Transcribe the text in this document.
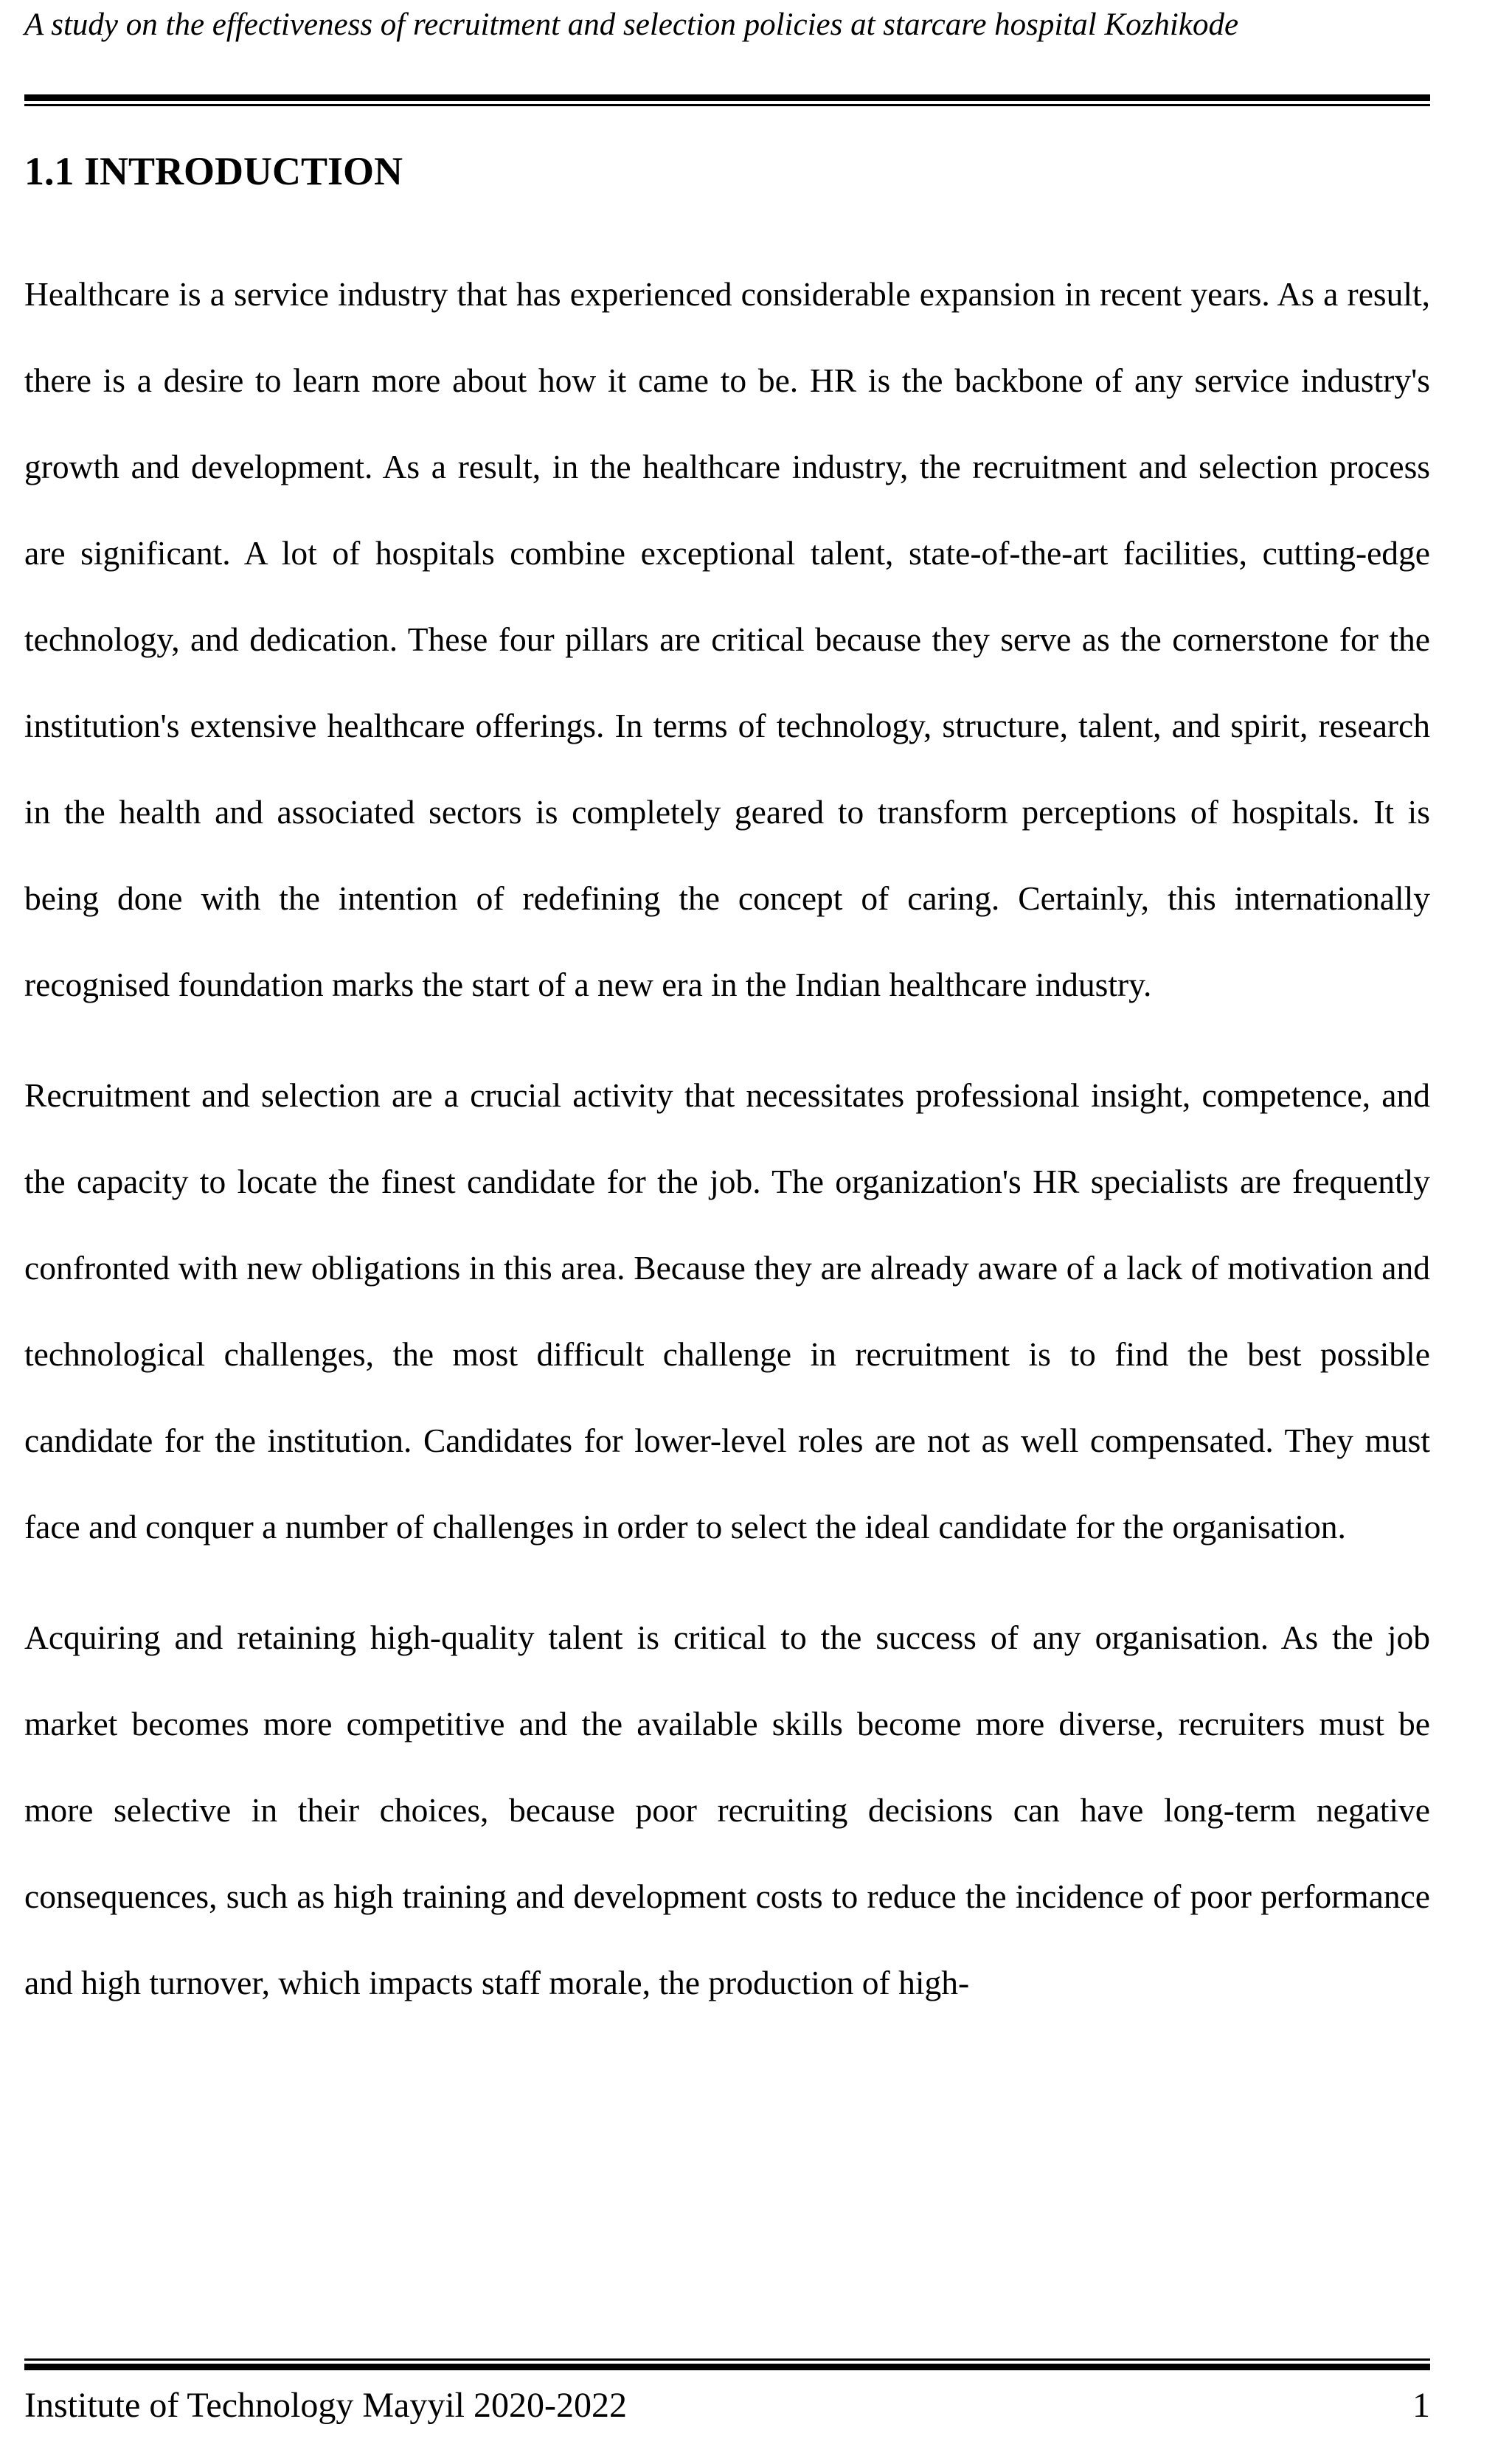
A study on the effectiveness of recruitment and selection policies at starcare hospital Kozhikode
1.1 INTRODUCTION

Healthcare is a service industry that has experienced considerable expansion in recent years. As a result, there is a desire to learn more about how it came to be. HR is the backbone of any service industry's growth and development. As a result, in the healthcare industry, the recruitment and selection process are significant. A lot of hospitals combine exceptional talent, state-of-the-art facilities, cutting-edge technology, and dedication. These four pillars are critical because they serve as the cornerstone for the institution's extensive healthcare offerings. In terms of technology, structure, talent, and spirit, research in the health and associated sectors is completely geared to transform perceptions of hospitals. It is being done with the intention of redefining the concept of caring. Certainly, this internationally recognised foundation marks the start of a new era in the Indian healthcare industry.

Recruitment and selection are a crucial activity that necessitates professional insight, competence, and the capacity to locate the finest candidate for the job. The organization's HR specialists are frequently confronted with new obligations in this area. Because they are already aware of a lack of motivation and technological challenges, the most difficult challenge in recruitment is to find the best possible candidate for the institution. Candidates for lower-level roles are not as well compensated. They must face and conquer a number of challenges in order to select the ideal candidate for the organisation.

Acquiring and retaining high-quality talent is critical to the success of any organisation. As the job market becomes more competitive and the available skills become more diverse, recruiters must be more selective in their choices, because poor recruiting decisions can have long-term negative consequences, such as high training and development costs to reduce the incidence of poor performance and high turnover, which impacts staff morale, the production of high-

Institute of Technology Mayyil 2020-2022	1
